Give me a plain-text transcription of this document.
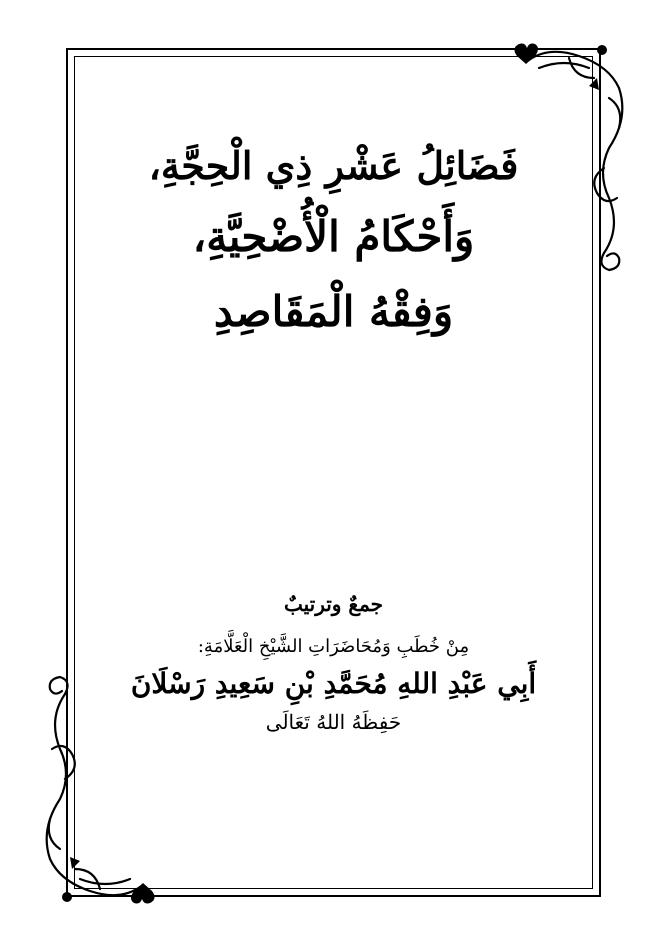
فَضَائِلُ عَشْرِ ذِي الْحِجَّةِ،
وَأَحْكَامُ الْأُضْحِيَّةِ،
وَفِقْهُ الْمَقَاصِدِ
جمعٌ وترتيبٌ
مِنْ خُطَبِ وَمُحَاضَرَاتِ الشَّيْخِ الْعَلَّامَةِ:
أَبِي عَبْدِ اللهِ مُحَمَّدِ بْنِ سَعِيدِ رَسْلَانَ
حَفِظَهُ اللهُ تَعَالَى
